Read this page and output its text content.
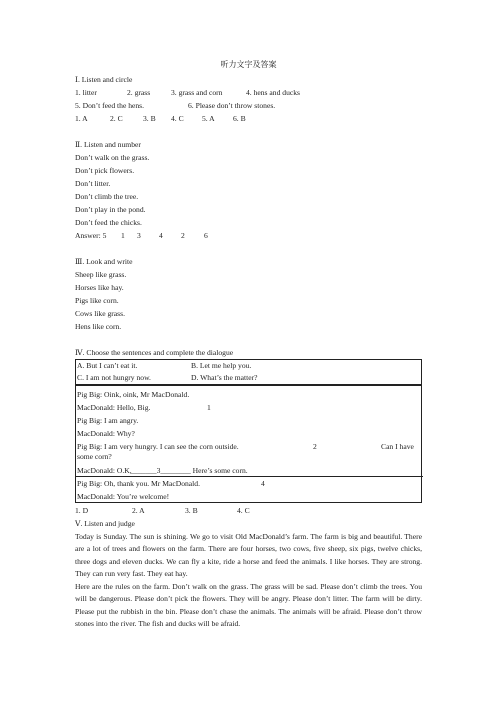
听力文字及答案
Ⅰ. Listen and circle
1. litter	2. grass	3. grass and corn	4. hens and ducks
5. Don’t feed the hens.	6. Please don’t throw stones.
1. A	2. C	3. B 4. C 5. A 6. B
Ⅱ. Listen and number
Don’t walk on the grass.
Don’t pick flowers.
Don’t litter.
Don’t climb the tree.
Don’t play in the pond.
Don’t feed the chicks.
Answer: 5 1 3 4 2	6
Ⅲ. Look and write
Sheep like grass.
Horses like hay.
Pigs like corn.
Cows like grass.
Hens like corn.
Ⅳ. Choose the sentences and complete the dialogue
A. But I can’t eat it.	B. Let me help you.
C. I am not hungry now.	D. What’s the matter?
Pig Big: Oink, oink, Mr MacDonald.
MacDonald: Hello, Big.	1
Pig Big: I am angry.
MacDonald: Why?
Pig Big: I am very hungry. I can see the corn outside.	2	Can I have
some corn?
MacDonald: O.K.
_______3________ Here’s some corn.
Pig Big: Oh, thank you. Mr MacDonald.	4
MacDonald: You’re welcome!
1. D	2. A	3. B	4. C
Ⅴ. Listen and judge
Today is Sunday. The sun is shining. We go to visit Old MacDonald’s farm. The farm is big and beautiful. There are a lot of trees and flowers on the farm. There are four horses, two cows, five sheep, six pigs, twelve chicks, three dogs and eleven ducks. We can fly a kite, ride a horse and feed the animals. I like horses. They are strong. They can run very fast. They eat hay.
Here are the rules on the farm. Don’t walk on the grass. The grass will be sad. Please don’t climb the trees. You will be dangerous. Please don’t pick the flowers. They will be angry. Please don’t litter. The farm will be dirty. Please put the rubbish in the bin. Please don’t chase the animals. The animals will be afraid. Please don’t throw stones into the river. The fish and ducks will be afraid.
